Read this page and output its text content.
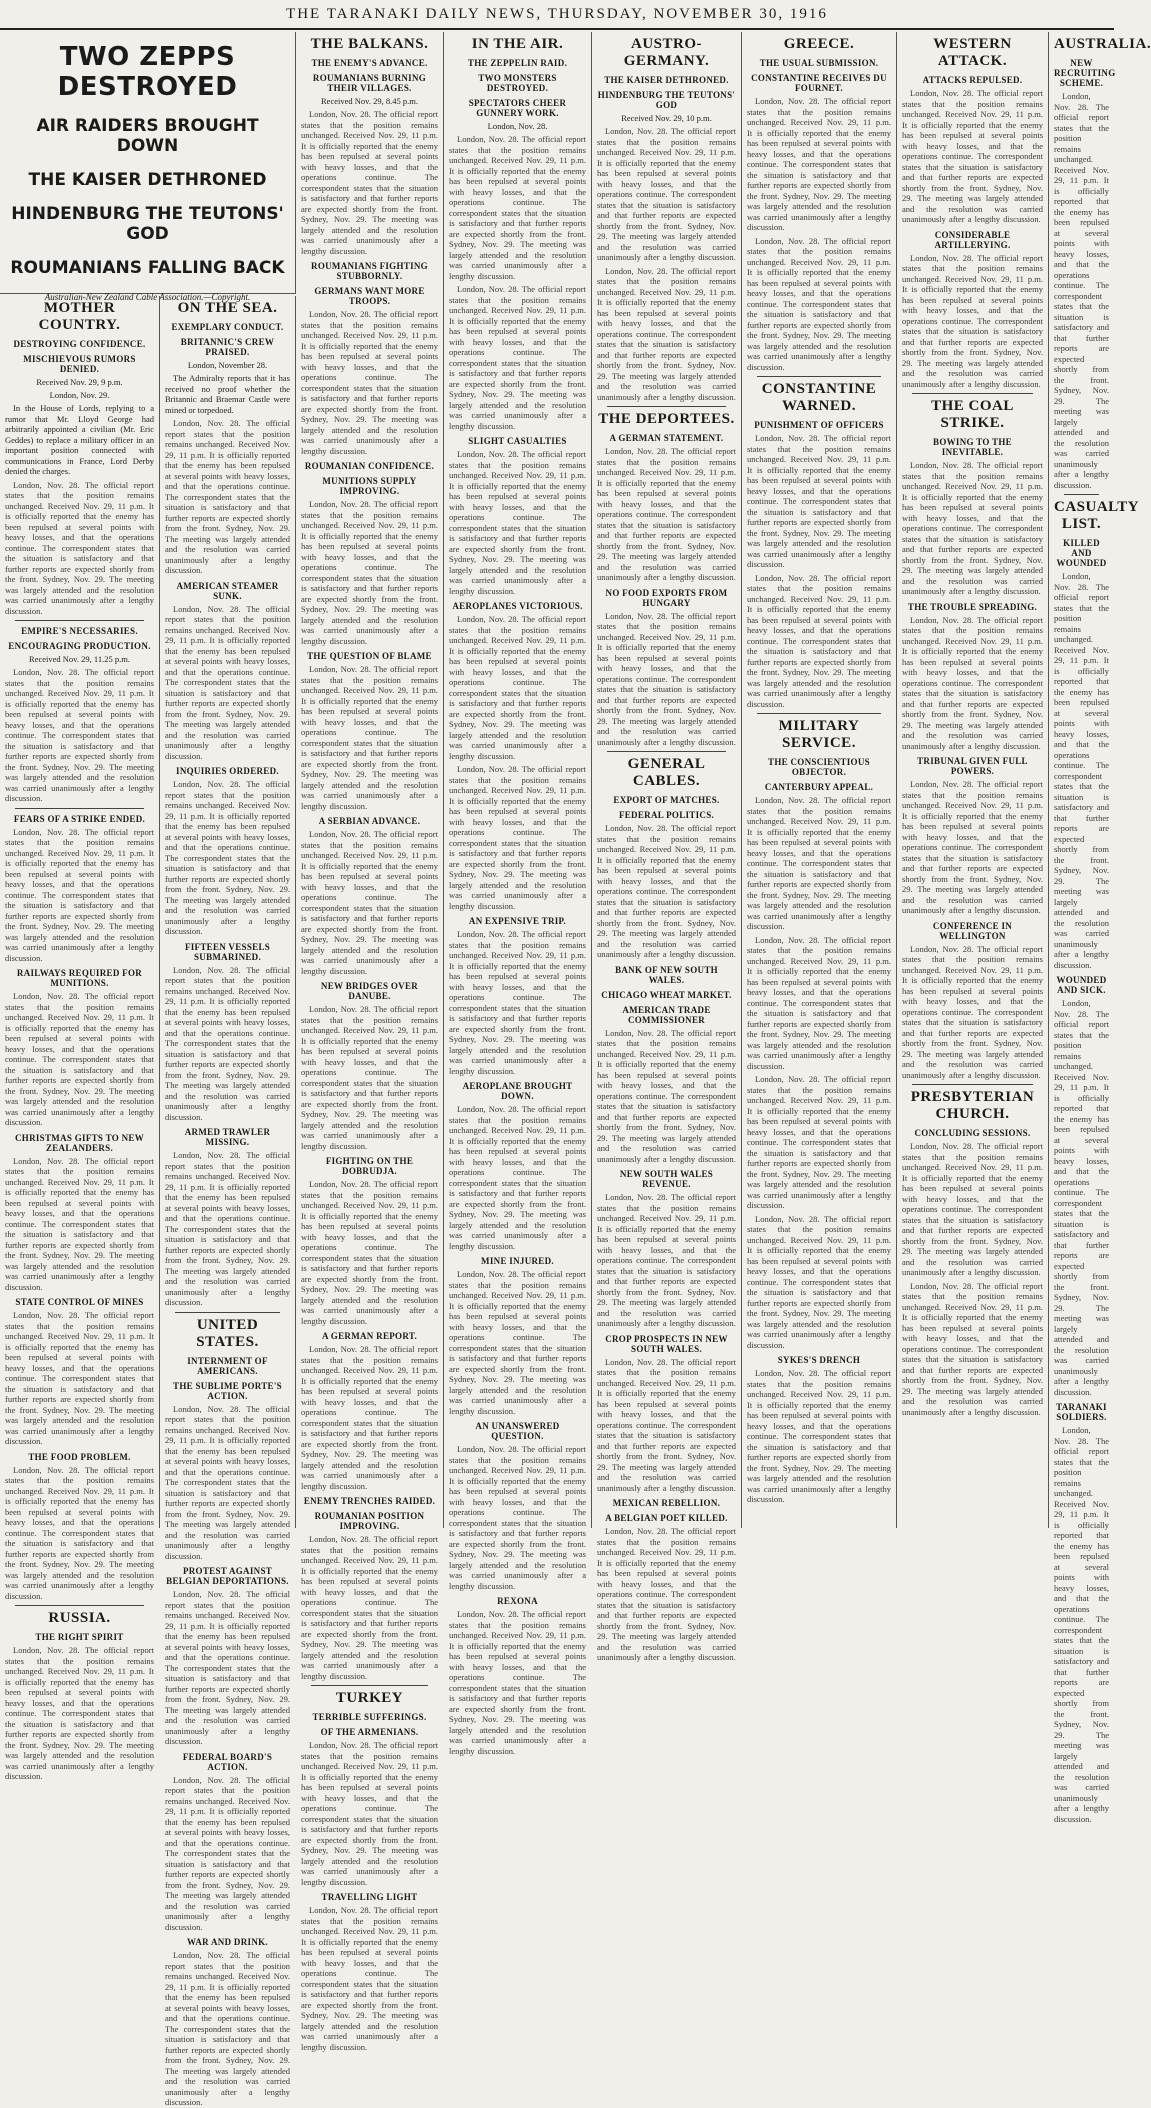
THE TARANAKI DAILY NEWS, THURSDAY, NOVEMBER 30, 1916
TWO ZEPPS DESTROYED
AIR RAIDERS BROUGHT DOWN
THE KAISER DETHRONED
HINDENBURG THE TEUTONS' GOD
ROUMANIANS FALLING BACK
Australian-New Zealand Cable Association.—Copyright.
MOTHER COUNTRY.
DESTROYING CONFIDENCE.
MISCHIEVOUS RUMORS DENIED.
Received Nov. 29, 9 p.m.
London, Nov. 29.

In the House of Lords, replying to a rumor that Mr. Lloyd George had arbitrarily appointed a civilian (Mr. Eric Geddes) to replace a military officer in an important position connected with communications in France, Lord Derby denied the charges.

London, Nov. 28. The official report states that the position remains unchanged. Received Nov. 29, 11 p.m. It is officially reported that the enemy has been repulsed at several points with heavy losses, and that the operations continue. The correspondent states that the situation is satisfactory and that further reports are expected shortly from the front. Sydney, Nov. 29. The meeting was largely attended and the resolution was carried unanimously after a lengthy discussion.

EMPIRE'S NECESSARIES.
ENCOURAGING PRODUCTION.
Received Nov. 29, 11.25 p.m.

London, Nov. 28. The official report states that the position remains unchanged. Received Nov. 29, 11 p.m. It is officially reported that the enemy has been repulsed at several points with heavy losses, and that the operations continue. The correspondent states that the situation is satisfactory and that further reports are expected shortly from the front. Sydney, Nov. 29. The meeting was largely attended and the resolution was carried unanimously after a lengthy discussion.

FEARS OF A STRIKE ENDED.

London, Nov. 28. The official report states that the position remains unchanged. Received Nov. 29, 11 p.m. It is officially reported that the enemy has been repulsed at several points with heavy losses, and that the operations continue. The correspondent states that the situation is satisfactory and that further reports are expected shortly from the front. Sydney, Nov. 29. The meeting was largely attended and the resolution was carried unanimously after a lengthy discussion.

RAILWAYS REQUIRED FOR MUNITIONS.

London, Nov. 28. The official report states that the position remains unchanged. Received Nov. 29, 11 p.m. It is officially reported that the enemy has been repulsed at several points with heavy losses, and that the operations continue. The correspondent states that the situation is satisfactory and that further reports are expected shortly from the front. Sydney, Nov. 29. The meeting was largely attended and the resolution was carried unanimously after a lengthy discussion.

CHRISTMAS GIFTS TO NEW ZEALANDERS.

London, Nov. 28. The official report states that the position remains unchanged. Received Nov. 29, 11 p.m. It is officially reported that the enemy has been repulsed at several points with heavy losses, and that the operations continue. The correspondent states that the situation is satisfactory and that further reports are expected shortly from the front. Sydney, Nov. 29. The meeting was largely attended and the resolution was carried unanimously after a lengthy discussion.

STATE CONTROL OF MINES

London, Nov. 28. The official report states that the position remains unchanged. Received Nov. 29, 11 p.m. It is officially reported that the enemy has been repulsed at several points with heavy losses, and that the operations continue. The correspondent states that the situation is satisfactory and that further reports are expected shortly from the front. Sydney, Nov. 29. The meeting was largely attended and the resolution was carried unanimously after a lengthy discussion.

THE FOOD PROBLEM.

London, Nov. 28. The official report states that the position remains unchanged. Received Nov. 29, 11 p.m. It is officially reported that the enemy has been repulsed at several points with heavy losses, and that the operations continue. The correspondent states that the situation is satisfactory and that further reports are expected shortly from the front. Sydney, Nov. 29. The meeting was largely attended and the resolution was carried unanimously after a lengthy discussion.

RUSSIA.
THE RIGHT SPIRIT

London, Nov. 28. The official report states that the position remains unchanged. Received Nov. 29, 11 p.m. It is officially reported that the enemy has been repulsed at several points with heavy losses, and that the operations continue. The correspondent states that the situation is satisfactory and that further reports are expected shortly from the front. Sydney, Nov. 29. The meeting was largely attended and the resolution was carried unanimously after a lengthy discussion.

ON THE SEA.
EXEMPLARY CONDUCT.
BRITANNIC'S CREW PRAISED.
London, November 28.

The Admiralty reports that it has received no proof whether the Britannic and Braemar Castle were mined or torpedoed.

London, Nov. 28. The official report states that the position remains unchanged. Received Nov. 29, 11 p.m. It is officially reported that the enemy has been repulsed at several points with heavy losses, and that the operations continue. The correspondent states that the situation is satisfactory and that further reports are expected shortly from the front. Sydney, Nov. 29. The meeting was largely attended and the resolution was carried unanimously after a lengthy discussion.

AMERICAN STEAMER SUNK.

London, Nov. 28. The official report states that the position remains unchanged. Received Nov. 29, 11 p.m. It is officially reported that the enemy has been repulsed at several points with heavy losses, and that the operations continue. The correspondent states that the situation is satisfactory and that further reports are expected shortly from the front. Sydney, Nov. 29. The meeting was largely attended and the resolution was carried unanimously after a lengthy discussion.

INQUIRIES ORDERED.

London, Nov. 28. The official report states that the position remains unchanged. Received Nov. 29, 11 p.m. It is officially reported that the enemy has been repulsed at several points with heavy losses, and that the operations continue. The correspondent states that the situation is satisfactory and that further reports are expected shortly from the front. Sydney, Nov. 29. The meeting was largely attended and the resolution was carried unanimously after a lengthy discussion.

FIFTEEN VESSELS SUBMARINED.

London, Nov. 28. The official report states that the position remains unchanged. Received Nov. 29, 11 p.m. It is officially reported that the enemy has been repulsed at several points with heavy losses, and that the operations continue. The correspondent states that the situation is satisfactory and that further reports are expected shortly from the front. Sydney, Nov. 29. The meeting was largely attended and the resolution was carried unanimously after a lengthy discussion.

ARMED TRAWLER MISSING.

London, Nov. 28. The official report states that the position remains unchanged. Received Nov. 29, 11 p.m. It is officially reported that the enemy has been repulsed at several points with heavy losses, and that the operations continue. The correspondent states that the situation is satisfactory and that further reports are expected shortly from the front. Sydney, Nov. 29. The meeting was largely attended and the resolution was carried unanimously after a lengthy discussion.

UNITED STATES.
INTERNMENT OF AMERICANS.
THE SUBLIME PORTE'S ACTION.

London, Nov. 28. The official report states that the position remains unchanged. Received Nov. 29, 11 p.m. It is officially reported that the enemy has been repulsed at several points with heavy losses, and that the operations continue. The correspondent states that the situation is satisfactory and that further reports are expected shortly from the front. Sydney, Nov. 29. The meeting was largely attended and the resolution was carried unanimously after a lengthy discussion.

PROTEST AGAINST BELGIAN DEPORTATIONS.

London, Nov. 28. The official report states that the position remains unchanged. Received Nov. 29, 11 p.m. It is officially reported that the enemy has been repulsed at several points with heavy losses, and that the operations continue. The correspondent states that the situation is satisfactory and that further reports are expected shortly from the front. Sydney, Nov. 29. The meeting was largely attended and the resolution was carried unanimously after a lengthy discussion.

FEDERAL BOARD'S ACTION.

London, Nov. 28. The official report states that the position remains unchanged. Received Nov. 29, 11 p.m. It is officially reported that the enemy has been repulsed at several points with heavy losses, and that the operations continue. The correspondent states that the situation is satisfactory and that further reports are expected shortly from the front. Sydney, Nov. 29. The meeting was largely attended and the resolution was carried unanimously after a lengthy discussion.

WAR AND DRINK.

London, Nov. 28. The official report states that the position remains unchanged. Received Nov. 29, 11 p.m. It is officially reported that the enemy has been repulsed at several points with heavy losses, and that the operations continue. The correspondent states that the situation is satisfactory and that further reports are expected shortly from the front. Sydney, Nov. 29. The meeting was largely attended and the resolution was carried unanimously after a lengthy discussion.

THE BALKANS.
THE ENEMY'S ADVANCE.
ROUMANIANS BURNING THEIR VILLAGES.
Received Nov. 29, 8.45 p.m.

London, Nov. 28. The official report states that the position remains unchanged. Received Nov. 29, 11 p.m. It is officially reported that the enemy has been repulsed at several points with heavy losses, and that the operations continue. The correspondent states that the situation is satisfactory and that further reports are expected shortly from the front. Sydney, Nov. 29. The meeting was largely attended and the resolution was carried unanimously after a lengthy discussion.

ROUMANIANS FIGHTING STUBBORNLY.
GERMANS WANT MORE TROOPS.

London, Nov. 28. The official report states that the position remains unchanged. Received Nov. 29, 11 p.m. It is officially reported that the enemy has been repulsed at several points with heavy losses, and that the operations continue. The correspondent states that the situation is satisfactory and that further reports are expected shortly from the front. Sydney, Nov. 29. The meeting was largely attended and the resolution was carried unanimously after a lengthy discussion.

ROUMANIAN CONFIDENCE.
MUNITIONS SUPPLY IMPROVING.

London, Nov. 28. The official report states that the position remains unchanged. Received Nov. 29, 11 p.m. It is officially reported that the enemy has been repulsed at several points with heavy losses, and that the operations continue. The correspondent states that the situation is satisfactory and that further reports are expected shortly from the front. Sydney, Nov. 29. The meeting was largely attended and the resolution was carried unanimously after a lengthy discussion.

THE QUESTION OF BLAME

London, Nov. 28. The official report states that the position remains unchanged. Received Nov. 29, 11 p.m. It is officially reported that the enemy has been repulsed at several points with heavy losses, and that the operations continue. The correspondent states that the situation is satisfactory and that further reports are expected shortly from the front. Sydney, Nov. 29. The meeting was largely attended and the resolution was carried unanimously after a lengthy discussion.

A SERBIAN ADVANCE.

London, Nov. 28. The official report states that the position remains unchanged. Received Nov. 29, 11 p.m. It is officially reported that the enemy has been repulsed at several points with heavy losses, and that the operations continue. The correspondent states that the situation is satisfactory and that further reports are expected shortly from the front. Sydney, Nov. 29. The meeting was largely attended and the resolution was carried unanimously after a lengthy discussion.

NEW BRIDGES OVER DANUBE.

London, Nov. 28. The official report states that the position remains unchanged. Received Nov. 29, 11 p.m. It is officially reported that the enemy has been repulsed at several points with heavy losses, and that the operations continue. The correspondent states that the situation is satisfactory and that further reports are expected shortly from the front. Sydney, Nov. 29. The meeting was largely attended and the resolution was carried unanimously after a lengthy discussion.

FIGHTING ON THE DOBRUDJA.

London, Nov. 28. The official report states that the position remains unchanged. Received Nov. 29, 11 p.m. It is officially reported that the enemy has been repulsed at several points with heavy losses, and that the operations continue. The correspondent states that the situation is satisfactory and that further reports are expected shortly from the front. Sydney, Nov. 29. The meeting was largely attended and the resolution was carried unanimously after a lengthy discussion.

A GERMAN REPORT.

London, Nov. 28. The official report states that the position remains unchanged. Received Nov. 29, 11 p.m. It is officially reported that the enemy has been repulsed at several points with heavy losses, and that the operations continue. The correspondent states that the situation is satisfactory and that further reports are expected shortly from the front. Sydney, Nov. 29. The meeting was largely attended and the resolution was carried unanimously after a lengthy discussion.

ENEMY TRENCHES RAIDED.
ROUMANIAN POSITION IMPROVING.

London, Nov. 28. The official report states that the position remains unchanged. Received Nov. 29, 11 p.m. It is officially reported that the enemy has been repulsed at several points with heavy losses, and that the operations continue. The correspondent states that the situation is satisfactory and that further reports are expected shortly from the front. Sydney, Nov. 29. The meeting was largely attended and the resolution was carried unanimously after a lengthy discussion.

TURKEY
TERRIBLE SUFFERINGS.
OF THE ARMENIANS.

London, Nov. 28. The official report states that the position remains unchanged. Received Nov. 29, 11 p.m. It is officially reported that the enemy has been repulsed at several points with heavy losses, and that the operations continue. The correspondent states that the situation is satisfactory and that further reports are expected shortly from the front. Sydney, Nov. 29. The meeting was largely attended and the resolution was carried unanimously after a lengthy discussion.

TRAVELLING LIGHT

London, Nov. 28. The official report states that the position remains unchanged. Received Nov. 29, 11 p.m. It is officially reported that the enemy has been repulsed at several points with heavy losses, and that the operations continue. The correspondent states that the situation is satisfactory and that further reports are expected shortly from the front. Sydney, Nov. 29. The meeting was largely attended and the resolution was carried unanimously after a lengthy discussion.

IN THE AIR.
THE ZEPPELIN RAID.
TWO MONSTERS DESTROYED.
SPECTATORS CHEER GUNNERY WORK.
London, Nov. 28.

London, Nov. 28. The official report states that the position remains unchanged. Received Nov. 29, 11 p.m. It is officially reported that the enemy has been repulsed at several points with heavy losses, and that the operations continue. The correspondent states that the situation is satisfactory and that further reports are expected shortly from the front. Sydney, Nov. 29. The meeting was largely attended and the resolution was carried unanimously after a lengthy discussion.

London, Nov. 28. The official report states that the position remains unchanged. Received Nov. 29, 11 p.m. It is officially reported that the enemy has been repulsed at several points with heavy losses, and that the operations continue. The correspondent states that the situation is satisfactory and that further reports are expected shortly from the front. Sydney, Nov. 29. The meeting was largely attended and the resolution was carried unanimously after a lengthy discussion.

SLIGHT CASUALTIES

London, Nov. 28. The official report states that the position remains unchanged. Received Nov. 29, 11 p.m. It is officially reported that the enemy has been repulsed at several points with heavy losses, and that the operations continue. The correspondent states that the situation is satisfactory and that further reports are expected shortly from the front. Sydney, Nov. 29. The meeting was largely attended and the resolution was carried unanimously after a lengthy discussion.

AEROPLANES VICTORIOUS.

London, Nov. 28. The official report states that the position remains unchanged. Received Nov. 29, 11 p.m. It is officially reported that the enemy has been repulsed at several points with heavy losses, and that the operations continue. The correspondent states that the situation is satisfactory and that further reports are expected shortly from the front. Sydney, Nov. 29. The meeting was largely attended and the resolution was carried unanimously after a lengthy discussion.

London, Nov. 28. The official report states that the position remains unchanged. Received Nov. 29, 11 p.m. It is officially reported that the enemy has been repulsed at several points with heavy losses, and that the operations continue. The correspondent states that the situation is satisfactory and that further reports are expected shortly from the front. Sydney, Nov. 29. The meeting was largely attended and the resolution was carried unanimously after a lengthy discussion.

AN EXPENSIVE TRIP.

London, Nov. 28. The official report states that the position remains unchanged. Received Nov. 29, 11 p.m. It is officially reported that the enemy has been repulsed at several points with heavy losses, and that the operations continue. The correspondent states that the situation is satisfactory and that further reports are expected shortly from the front. Sydney, Nov. 29. The meeting was largely attended and the resolution was carried unanimously after a lengthy discussion.

AEROPLANE BROUGHT DOWN.

London, Nov. 28. The official report states that the position remains unchanged. Received Nov. 29, 11 p.m. It is officially reported that the enemy has been repulsed at several points with heavy losses, and that the operations continue. The correspondent states that the situation is satisfactory and that further reports are expected shortly from the front. Sydney, Nov. 29. The meeting was largely attended and the resolution was carried unanimously after a lengthy discussion.

MINE INJURED.

London, Nov. 28. The official report states that the position remains unchanged. Received Nov. 29, 11 p.m. It is officially reported that the enemy has been repulsed at several points with heavy losses, and that the operations continue. The correspondent states that the situation is satisfactory and that further reports are expected shortly from the front. Sydney, Nov. 29. The meeting was largely attended and the resolution was carried unanimously after a lengthy discussion.

AN UNANSWERED QUESTION.

London, Nov. 28. The official report states that the position remains unchanged. Received Nov. 29, 11 p.m. It is officially reported that the enemy has been repulsed at several points with heavy losses, and that the operations continue. The correspondent states that the situation is satisfactory and that further reports are expected shortly from the front. Sydney, Nov. 29. The meeting was largely attended and the resolution was carried unanimously after a lengthy discussion.

REXONA

London, Nov. 28. The official report states that the position remains unchanged. Received Nov. 29, 11 p.m. It is officially reported that the enemy has been repulsed at several points with heavy losses, and that the operations continue. The correspondent states that the situation is satisfactory and that further reports are expected shortly from the front. Sydney, Nov. 29. The meeting was largely attended and the resolution was carried unanimously after a lengthy discussion.

AUSTRO-GERMANY.
THE KAISER DETHRONED.
HINDENBURG THE TEUTONS' GOD
Received Nov. 29, 10 p.m.

London, Nov. 28. The official report states that the position remains unchanged. Received Nov. 29, 11 p.m. It is officially reported that the enemy has been repulsed at several points with heavy losses, and that the operations continue. The correspondent states that the situation is satisfactory and that further reports are expected shortly from the front. Sydney, Nov. 29. The meeting was largely attended and the resolution was carried unanimously after a lengthy discussion.

London, Nov. 28. The official report states that the position remains unchanged. Received Nov. 29, 11 p.m. It is officially reported that the enemy has been repulsed at several points with heavy losses, and that the operations continue. The correspondent states that the situation is satisfactory and that further reports are expected shortly from the front. Sydney, Nov. 29. The meeting was largely attended and the resolution was carried unanimously after a lengthy discussion.

THE DEPORTEES.
A GERMAN STATEMENT.

London, Nov. 28. The official report states that the position remains unchanged. Received Nov. 29, 11 p.m. It is officially reported that the enemy has been repulsed at several points with heavy losses, and that the operations continue. The correspondent states that the situation is satisfactory and that further reports are expected shortly from the front. Sydney, Nov. 29. The meeting was largely attended and the resolution was carried unanimously after a lengthy discussion.

NO FOOD EXPORTS FROM HUNGARY

London, Nov. 28. The official report states that the position remains unchanged. Received Nov. 29, 11 p.m. It is officially reported that the enemy has been repulsed at several points with heavy losses, and that the operations continue. The correspondent states that the situation is satisfactory and that further reports are expected shortly from the front. Sydney, Nov. 29. The meeting was largely attended and the resolution was carried unanimously after a lengthy discussion.

GENERAL CABLES.
EXPORT OF MATCHES.
FEDERAL POLITICS.

London, Nov. 28. The official report states that the position remains unchanged. Received Nov. 29, 11 p.m. It is officially reported that the enemy has been repulsed at several points with heavy losses, and that the operations continue. The correspondent states that the situation is satisfactory and that further reports are expected shortly from the front. Sydney, Nov. 29. The meeting was largely attended and the resolution was carried unanimously after a lengthy discussion.

BANK OF NEW SOUTH WALES.
CHICAGO WHEAT MARKET.
AMERICAN TRADE COMMISSIONER

London, Nov. 28. The official report states that the position remains unchanged. Received Nov. 29, 11 p.m. It is officially reported that the enemy has been repulsed at several points with heavy losses, and that the operations continue. The correspondent states that the situation is satisfactory and that further reports are expected shortly from the front. Sydney, Nov. 29. The meeting was largely attended and the resolution was carried unanimously after a lengthy discussion.

NEW SOUTH WALES REVENUE.

London, Nov. 28. The official report states that the position remains unchanged. Received Nov. 29, 11 p.m. It is officially reported that the enemy has been repulsed at several points with heavy losses, and that the operations continue. The correspondent states that the situation is satisfactory and that further reports are expected shortly from the front. Sydney, Nov. 29. The meeting was largely attended and the resolution was carried unanimously after a lengthy discussion.

CROP PROSPECTS IN NEW SOUTH WALES.

London, Nov. 28. The official report states that the position remains unchanged. Received Nov. 29, 11 p.m. It is officially reported that the enemy has been repulsed at several points with heavy losses, and that the operations continue. The correspondent states that the situation is satisfactory and that further reports are expected shortly from the front. Sydney, Nov. 29. The meeting was largely attended and the resolution was carried unanimously after a lengthy discussion.

MEXICAN REBELLION.
A BELGIAN POET KILLED.

London, Nov. 28. The official report states that the position remains unchanged. Received Nov. 29, 11 p.m. It is officially reported that the enemy has been repulsed at several points with heavy losses, and that the operations continue. The correspondent states that the situation is satisfactory and that further reports are expected shortly from the front. Sydney, Nov. 29. The meeting was largely attended and the resolution was carried unanimously after a lengthy discussion.

GREECE.
THE USUAL SUBMISSION.
CONSTANTINE RECEIVES DU FOURNET.

London, Nov. 28. The official report states that the position remains unchanged. Received Nov. 29, 11 p.m. It is officially reported that the enemy has been repulsed at several points with heavy losses, and that the operations continue. The correspondent states that the situation is satisfactory and that further reports are expected shortly from the front. Sydney, Nov. 29. The meeting was largely attended and the resolution was carried unanimously after a lengthy discussion.

London, Nov. 28. The official report states that the position remains unchanged. Received Nov. 29, 11 p.m. It is officially reported that the enemy has been repulsed at several points with heavy losses, and that the operations continue. The correspondent states that the situation is satisfactory and that further reports are expected shortly from the front. Sydney, Nov. 29. The meeting was largely attended and the resolution was carried unanimously after a lengthy discussion.

CONSTANTINE WARNED.
PUNISHMENT OF OFFICERS

London, Nov. 28. The official report states that the position remains unchanged. Received Nov. 29, 11 p.m. It is officially reported that the enemy has been repulsed at several points with heavy losses, and that the operations continue. The correspondent states that the situation is satisfactory and that further reports are expected shortly from the front. Sydney, Nov. 29. The meeting was largely attended and the resolution was carried unanimously after a lengthy discussion.

London, Nov. 28. The official report states that the position remains unchanged. Received Nov. 29, 11 p.m. It is officially reported that the enemy has been repulsed at several points with heavy losses, and that the operations continue. The correspondent states that the situation is satisfactory and that further reports are expected shortly from the front. Sydney, Nov. 29. The meeting was largely attended and the resolution was carried unanimously after a lengthy discussion.

MILITARY SERVICE.
THE CONSCIENTIOUS OBJECTOR.
CANTERBURY APPEAL.

London, Nov. 28. The official report states that the position remains unchanged. Received Nov. 29, 11 p.m. It is officially reported that the enemy has been repulsed at several points with heavy losses, and that the operations continue. The correspondent states that the situation is satisfactory and that further reports are expected shortly from the front. Sydney, Nov. 29. The meeting was largely attended and the resolution was carried unanimously after a lengthy discussion.

London, Nov. 28. The official report states that the position remains unchanged. Received Nov. 29, 11 p.m. It is officially reported that the enemy has been repulsed at several points with heavy losses, and that the operations continue. The correspondent states that the situation is satisfactory and that further reports are expected shortly from the front. Sydney, Nov. 29. The meeting was largely attended and the resolution was carried unanimously after a lengthy discussion.

London, Nov. 28. The official report states that the position remains unchanged. Received Nov. 29, 11 p.m. It is officially reported that the enemy has been repulsed at several points with heavy losses, and that the operations continue. The correspondent states that the situation is satisfactory and that further reports are expected shortly from the front. Sydney, Nov. 29. The meeting was largely attended and the resolution was carried unanimously after a lengthy discussion.

London, Nov. 28. The official report states that the position remains unchanged. Received Nov. 29, 11 p.m. It is officially reported that the enemy has been repulsed at several points with heavy losses, and that the operations continue. The correspondent states that the situation is satisfactory and that further reports are expected shortly from the front. Sydney, Nov. 29. The meeting was largely attended and the resolution was carried unanimously after a lengthy discussion.

SYKES'S DRENCH

London, Nov. 28. The official report states that the position remains unchanged. Received Nov. 29, 11 p.m. It is officially reported that the enemy has been repulsed at several points with heavy losses, and that the operations continue. The correspondent states that the situation is satisfactory and that further reports are expected shortly from the front. Sydney, Nov. 29. The meeting was largely attended and the resolution was carried unanimously after a lengthy discussion.

WESTERN ATTACK.
ATTACKS REPULSED.

London, Nov. 28. The official report states that the position remains unchanged. Received Nov. 29, 11 p.m. It is officially reported that the enemy has been repulsed at several points with heavy losses, and that the operations continue. The correspondent states that the situation is satisfactory and that further reports are expected shortly from the front. Sydney, Nov. 29. The meeting was largely attended and the resolution was carried unanimously after a lengthy discussion.

CONSIDERABLE ARTILLERYING.

London, Nov. 28. The official report states that the position remains unchanged. Received Nov. 29, 11 p.m. It is officially reported that the enemy has been repulsed at several points with heavy losses, and that the operations continue. The correspondent states that the situation is satisfactory and that further reports are expected shortly from the front. Sydney, Nov. 29. The meeting was largely attended and the resolution was carried unanimously after a lengthy discussion.

THE COAL STRIKE.
BOWING TO THE INEVITABLE.

London, Nov. 28. The official report states that the position remains unchanged. Received Nov. 29, 11 p.m. It is officially reported that the enemy has been repulsed at several points with heavy losses, and that the operations continue. The correspondent states that the situation is satisfactory and that further reports are expected shortly from the front. Sydney, Nov. 29. The meeting was largely attended and the resolution was carried unanimously after a lengthy discussion.

THE TROUBLE SPREADING.

London, Nov. 28. The official report states that the position remains unchanged. Received Nov. 29, 11 p.m. It is officially reported that the enemy has been repulsed at several points with heavy losses, and that the operations continue. The correspondent states that the situation is satisfactory and that further reports are expected shortly from the front. Sydney, Nov. 29. The meeting was largely attended and the resolution was carried unanimously after a lengthy discussion.

TRIBUNAL GIVEN FULL POWERS.

London, Nov. 28. The official report states that the position remains unchanged. Received Nov. 29, 11 p.m. It is officially reported that the enemy has been repulsed at several points with heavy losses, and that the operations continue. The correspondent states that the situation is satisfactory and that further reports are expected shortly from the front. Sydney, Nov. 29. The meeting was largely attended and the resolution was carried unanimously after a lengthy discussion.

CONFERENCE IN WELLINGTON

London, Nov. 28. The official report states that the position remains unchanged. Received Nov. 29, 11 p.m. It is officially reported that the enemy has been repulsed at several points with heavy losses, and that the operations continue. The correspondent states that the situation is satisfactory and that further reports are expected shortly from the front. Sydney, Nov. 29. The meeting was largely attended and the resolution was carried unanimously after a lengthy discussion.

PRESBYTERIAN CHURCH.
CONCLUDING SESSIONS.

London, Nov. 28. The official report states that the position remains unchanged. Received Nov. 29, 11 p.m. It is officially reported that the enemy has been repulsed at several points with heavy losses, and that the operations continue. The correspondent states that the situation is satisfactory and that further reports are expected shortly from the front. Sydney, Nov. 29. The meeting was largely attended and the resolution was carried unanimously after a lengthy discussion.

London, Nov. 28. The official report states that the position remains unchanged. Received Nov. 29, 11 p.m. It is officially reported that the enemy has been repulsed at several points with heavy losses, and that the operations continue. The correspondent states that the situation is satisfactory and that further reports are expected shortly from the front. Sydney, Nov. 29. The meeting was largely attended and the resolution was carried unanimously after a lengthy discussion.

AUSTRALIA.
NEW RECRUITING SCHEME.

London, Nov. 28. The official report states that the position remains unchanged. Received Nov. 29, 11 p.m. It is officially reported that the enemy has been repulsed at several points with heavy losses, and that the operations continue. The correspondent states that the situation is satisfactory and that further reports are expected shortly from the front. Sydney, Nov. 29. The meeting was largely attended and the resolution was carried unanimously after a lengthy discussion.

CASUALTY LIST.
KILLED AND WOUNDED

London, Nov. 28. The official report states that the position remains unchanged. Received Nov. 29, 11 p.m. It is officially reported that the enemy has been repulsed at several points with heavy losses, and that the operations continue. The correspondent states that the situation is satisfactory and that further reports are expected shortly from the front. Sydney, Nov. 29. The meeting was largely attended and the resolution was carried unanimously after a lengthy discussion.

WOUNDED AND SICK.

London, Nov. 28. The official report states that the position remains unchanged. Received Nov. 29, 11 p.m. It is officially reported that the enemy has been repulsed at several points with heavy losses, and that the operations continue. The correspondent states that the situation is satisfactory and that further reports are expected shortly from the front. Sydney, Nov. 29. The meeting was largely attended and the resolution was carried unanimously after a lengthy discussion.

TARANAKI SOLDIERS.

London, Nov. 28. The official report states that the position remains unchanged. Received Nov. 29, 11 p.m. It is officially reported that the enemy has been repulsed at several points with heavy losses, and that the operations continue. The correspondent states that the situation is satisfactory and that further reports are expected shortly from the front. Sydney, Nov. 29. The meeting was largely attended and the resolution was carried unanimously after a lengthy discussion.
